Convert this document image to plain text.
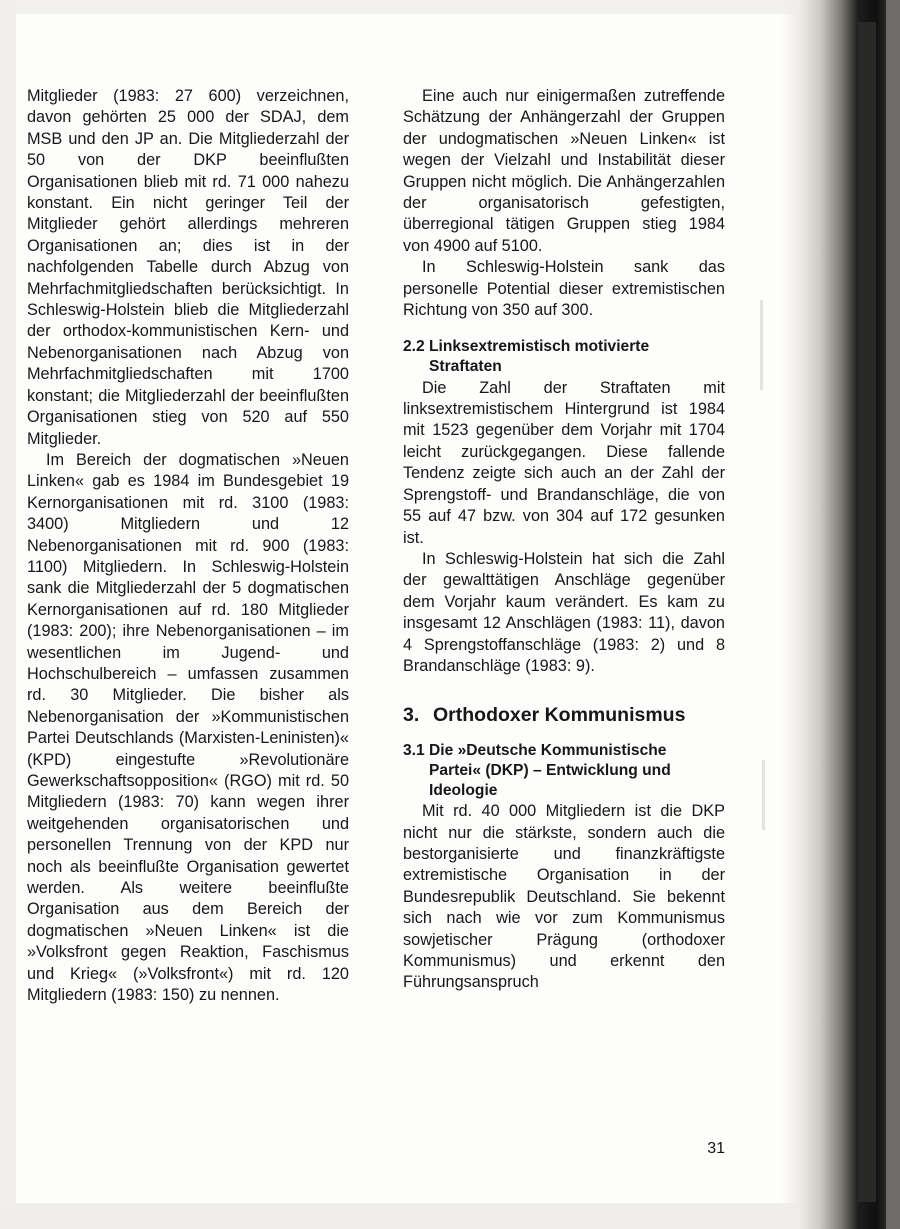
Mitglieder (1983: 27 600) verzeichnen, davon gehörten 25 000 der SDAJ, dem MSB und den JP an. Die Mitgliederzahl der 50 von der DKP beeinflußten Organisationen blieb mit rd. 71 000 nahezu konstant. Ein nicht geringer Teil der Mitglieder gehört allerdings mehreren Organisationen an; dies ist in der nachfolgenden Tabelle durch Abzug von Mehrfachmitgliedschaften berücksichtigt. In Schleswig-Holstein blieb die Mitgliederzahl der orthodox-kommunistischen Kern- und Nebenorganisationen nach Abzug von Mehrfachmitgliedschaften mit 1700 konstant; die Mitgliederzahl der beeinflußten Organisationen stieg von 520 auf 550 Mitglieder.

Im Bereich der dogmatischen »Neuen Linken« gab es 1984 im Bundesgebiet 19 Kernorganisationen mit rd. 3100 (1983: 3400) Mitgliedern und 12 Nebenorganisationen mit rd. 900 (1983: 1100) Mitgliedern. In Schleswig-Holstein sank die Mitgliederzahl der 5 dogmatischen Kernorganisationen auf rd. 180 Mitglieder (1983: 200); ihre Nebenorganisationen – im wesentlichen im Jugend- und Hochschulbereich – umfassen zusammen rd. 30 Mitglieder. Die bisher als Nebenorganisation der »Kommunistischen Partei Deutschlands (Marxisten-Leninisten)« (KPD) eingestufte »Revolutionäre Gewerkschaftsopposition« (RGO) mit rd. 50 Mitgliedern (1983: 70) kann wegen ihrer weitgehenden organisatorischen und personellen Trennung von der KPD nur noch als beeinflußte Organisation gewertet werden. Als weitere beeinflußte Organisation aus dem Bereich der dogmatischen »Neuen Linken« ist die »Volksfront gegen Reaktion, Faschismus und Krieg« (»Volksfront«) mit rd. 120 Mitgliedern (1983: 150) zu nennen.

Eine auch nur einigermaßen zutreffende Schätzung der Anhängerzahl der Gruppen der undogmatischen »Neuen Linken« ist wegen der Vielzahl und Instabilität dieser Gruppen nicht möglich. Die Anhängerzahlen der organisatorisch gefestigten, überregional tätigen Gruppen stieg 1984 von 4900 auf 5100.

In Schleswig-Holstein sank das personelle Potential dieser extremistischen Richtung von 350 auf 300.

2.2 Linksextremistisch motivierte Straftaten

Die Zahl der Straftaten mit linksextremistischem Hintergrund ist 1984 mit 1523 gegenüber dem Vorjahr mit 1704 leicht zurückgegangen. Diese fallende Tendenz zeigte sich auch an der Zahl der Sprengstoff- und Brandanschläge, die von 55 auf 47 bzw. von 304 auf 172 gesunken ist.

In Schleswig-Holstein hat sich die Zahl der gewalttätigen Anschläge gegenüber dem Vorjahr kaum verändert. Es kam zu insgesamt 12 Anschlägen (1983: 11), davon 4 Sprengstoffanschläge (1983: 2) und 8 Brandanschläge (1983: 9).

3. Orthodoxer Kommunismus
3.1 Die »Deutsche Kommunistische Partei« (DKP) – Entwicklung und Ideologie

Mit rd. 40 000 Mitgliedern ist die DKP nicht nur die stärkste, sondern auch die bestorganisierte und finanzkräftigste extremistische Organisation in der Bundesrepublik Deutschland. Sie bekennt sich nach wie vor zum Kommunismus sowjetischer Prägung (orthodoxer Kommunismus) und erkennt den Führungsanspruch

31
